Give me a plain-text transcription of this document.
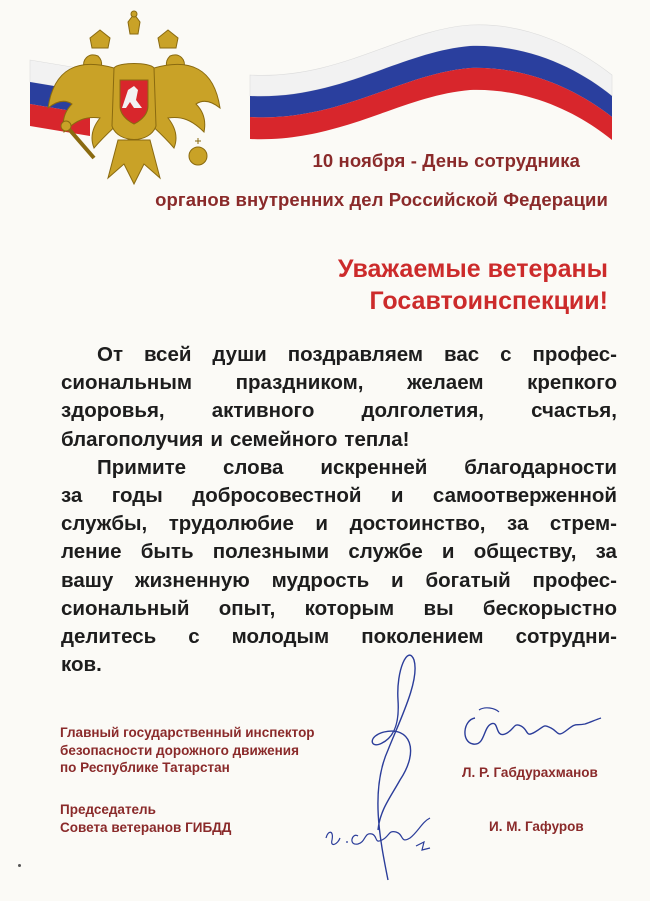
10 ноября - День сотрудника
органов внутренних дел Российской Федерации
Уважаемые ветераны
Госавтоинспекции!
От всей души поздравляем вас с профес-
сиональным праздником, желаем крепкого
здоровья, активного долголетия, счастья,
благополучия и семейного тепла!
Примите слова искренней благодарности
за годы добросовестной и самоотверженной
службы, трудолюбие и достоинство, за стрем-
ление быть полезными службе и обществу, за
вашу жизненную мудрость и богатый профес-
сиональный опыт, которым вы бескорыстно
делитесь с молодым поколением сотрудни-
ков.
Главный государственный инспектор
безопасности дорожного движения
по Республике Татарстан	Л. Р. Габдурахманов
Председатель
Совета ветеранов ГИБДД	И. М. Гафуров
